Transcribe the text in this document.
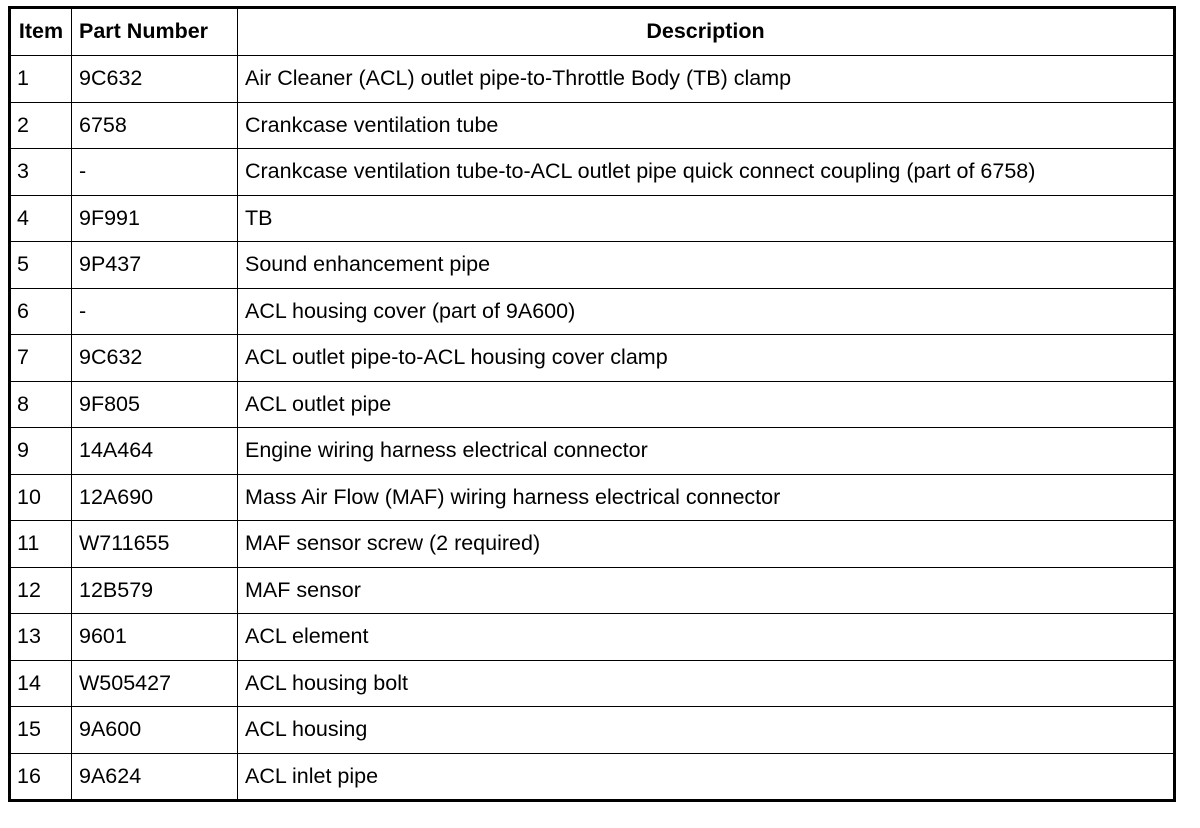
Item	Part Number	Description
1	9C632	Air Cleaner (ACL) outlet pipe-to-Throttle Body (TB) clamp
2	6758	Crankcase ventilation tube
3	-	Crankcase ventilation tube-to-ACL outlet pipe quick connect coupling (part of 6758)
4	9F991	TB
5	9P437	Sound enhancement pipe
6	-	ACL housing cover (part of 9A600)
7	9C632	ACL outlet pipe-to-ACL housing cover clamp
8	9F805	ACL outlet pipe
9	14A464	Engine wiring harness electrical connector
10	12A690	Mass Air Flow (MAF) wiring harness electrical connector
11	W711655	MAF sensor screw (2 required)
12	12B579	MAF sensor
13	9601	ACL element
14	W505427	ACL housing bolt
15	9A600	ACL housing
16	9A624	ACL inlet pipe
